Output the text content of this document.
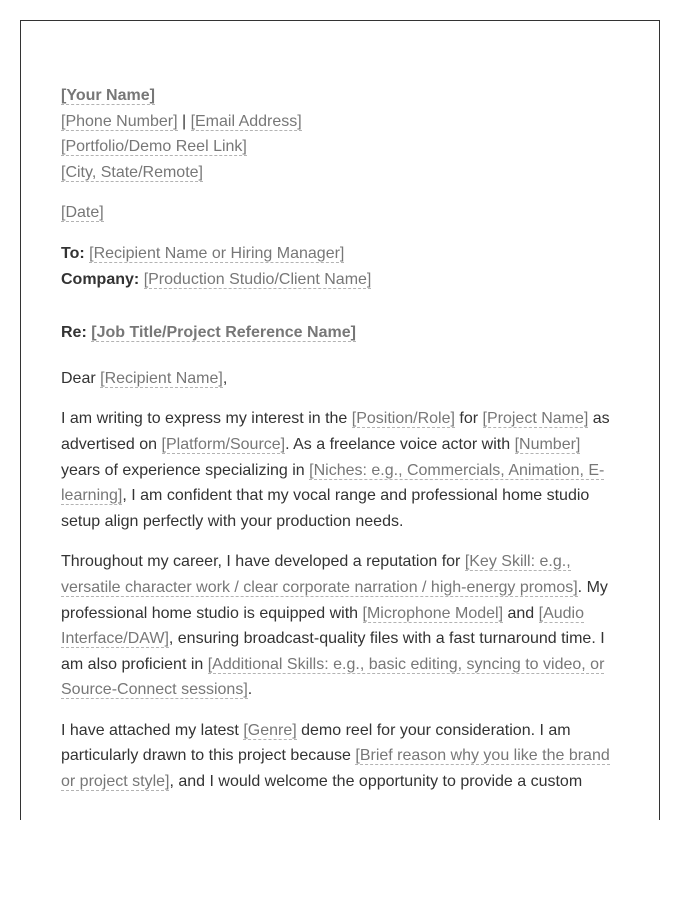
[Your Name]
[Phone Number] | [Email Address]
[Portfolio/Demo Reel Link]
[City, State/Remote]
[Date]
To: [Recipient Name or Hiring Manager]
Company: [Production Studio/Client Name]
Re: [Job Title/Project Reference Name]
Dear [Recipient Name],

I am writing to express my interest in the [Position/Role] for [Project Name] as advertised on [Platform/Source]. As a freelance voice actor with [Number] years of experience specializing in [Niches: e.g., Commercials, Animation, E-learning], I am confident that my vocal range and professional home studio setup align perfectly with your production needs.

Throughout my career, I have developed a reputation for [Key Skill: e.g., versatile character work / clear corporate narration / high-energy promos]. My professional home studio is equipped with [Microphone Model] and [Audio Interface/DAW], ensuring broadcast-quality files with a fast turnaround time. I am also proficient in [Additional Skills: e.g., basic editing, syncing to video, or Source-Connect sessions].

I have attached my latest [Genre] demo reel for your consideration. I am particularly drawn to this project because [Brief reason why you like the brand or project style], and I would welcome the opportunity to provide a custom
